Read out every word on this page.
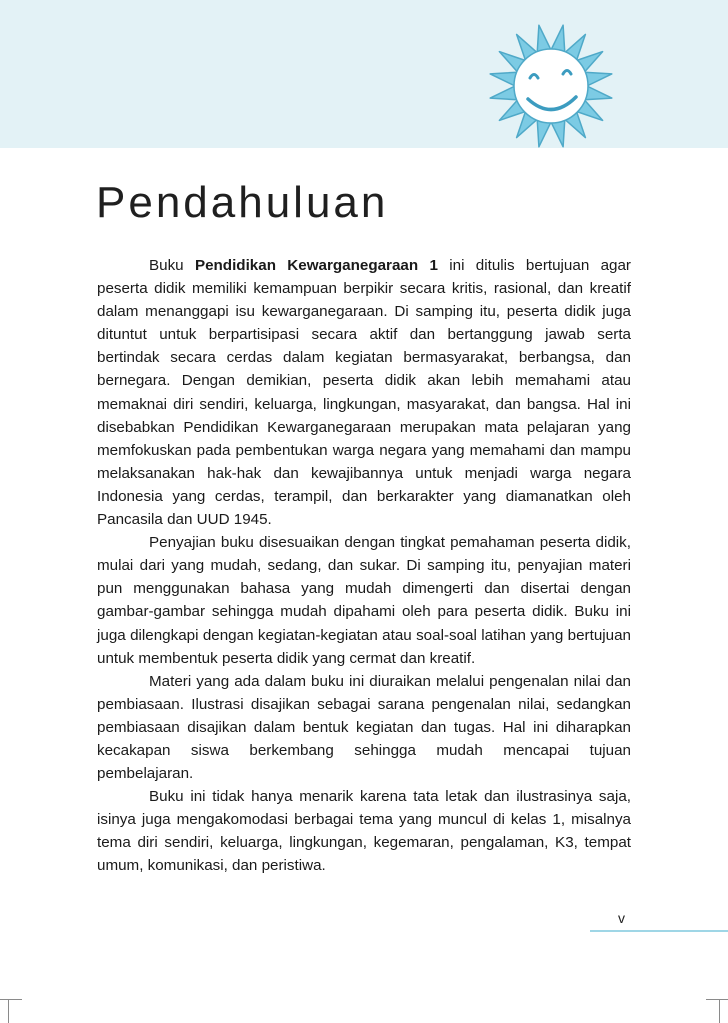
Pendahuluan

Buku Pendidikan Kewarganegaraan 1 ini ditulis bertujuan agar peserta didik memiliki kemampuan berpikir secara kritis, rasional, dan kreatif dalam menanggapi isu kewarganegaraan. Di samping itu, peserta didik juga dituntut untuk berpartisipasi secara aktif dan bertanggung jawab serta bertindak secara cerdas dalam kegiatan bermasyarakat, berbangsa, dan bernegara. Dengan demikian, peserta didik akan lebih memahami atau memaknai diri sendiri, keluarga, lingkungan, masyarakat, dan bangsa. Hal ini disebabkan Pendidikan Kewarganegaraan merupakan mata pelajaran yang memfokuskan pada pembentukan warga negara yang memahami dan mampu melaksanakan hak-hak dan kewajibannya untuk menjadi warga negara Indonesia yang cerdas, terampil, dan berkarakter yang diamanatkan oleh Pancasila dan UUD 1945.

Penyajian buku disesuaikan dengan tingkat pemahaman peserta didik, mulai dari yang mudah, sedang, dan sukar. Di samping itu, penyajian materi pun menggunakan bahasa yang mudah dimengerti dan disertai dengan gambar-gambar sehingga mudah dipahami oleh para peserta didik. Buku ini juga dilengkapi dengan kegiatan-kegiatan atau soal-soal latihan yang bertujuan untuk membentuk peserta didik yang cermat dan kreatif.

Materi yang ada dalam buku ini diuraikan melalui pengenalan nilai dan pembiasaan. Ilustrasi disajikan sebagai sarana pengenalan nilai, sedangkan pembiasaan disajikan dalam bentuk kegiatan dan tugas. Hal ini diharapkan kecakapan siswa berkembang sehingga mudah mencapai tujuan pembelajaran.

Buku ini tidak hanya menarik karena tata letak dan ilustrasinya saja, isinya juga mengakomodasi berbagai tema yang muncul di kelas 1, misalnya tema diri sendiri, keluarga, lingkungan, kegemaran, pengalaman, K3, tempat umum, komunikasi, dan peristiwa.

v
